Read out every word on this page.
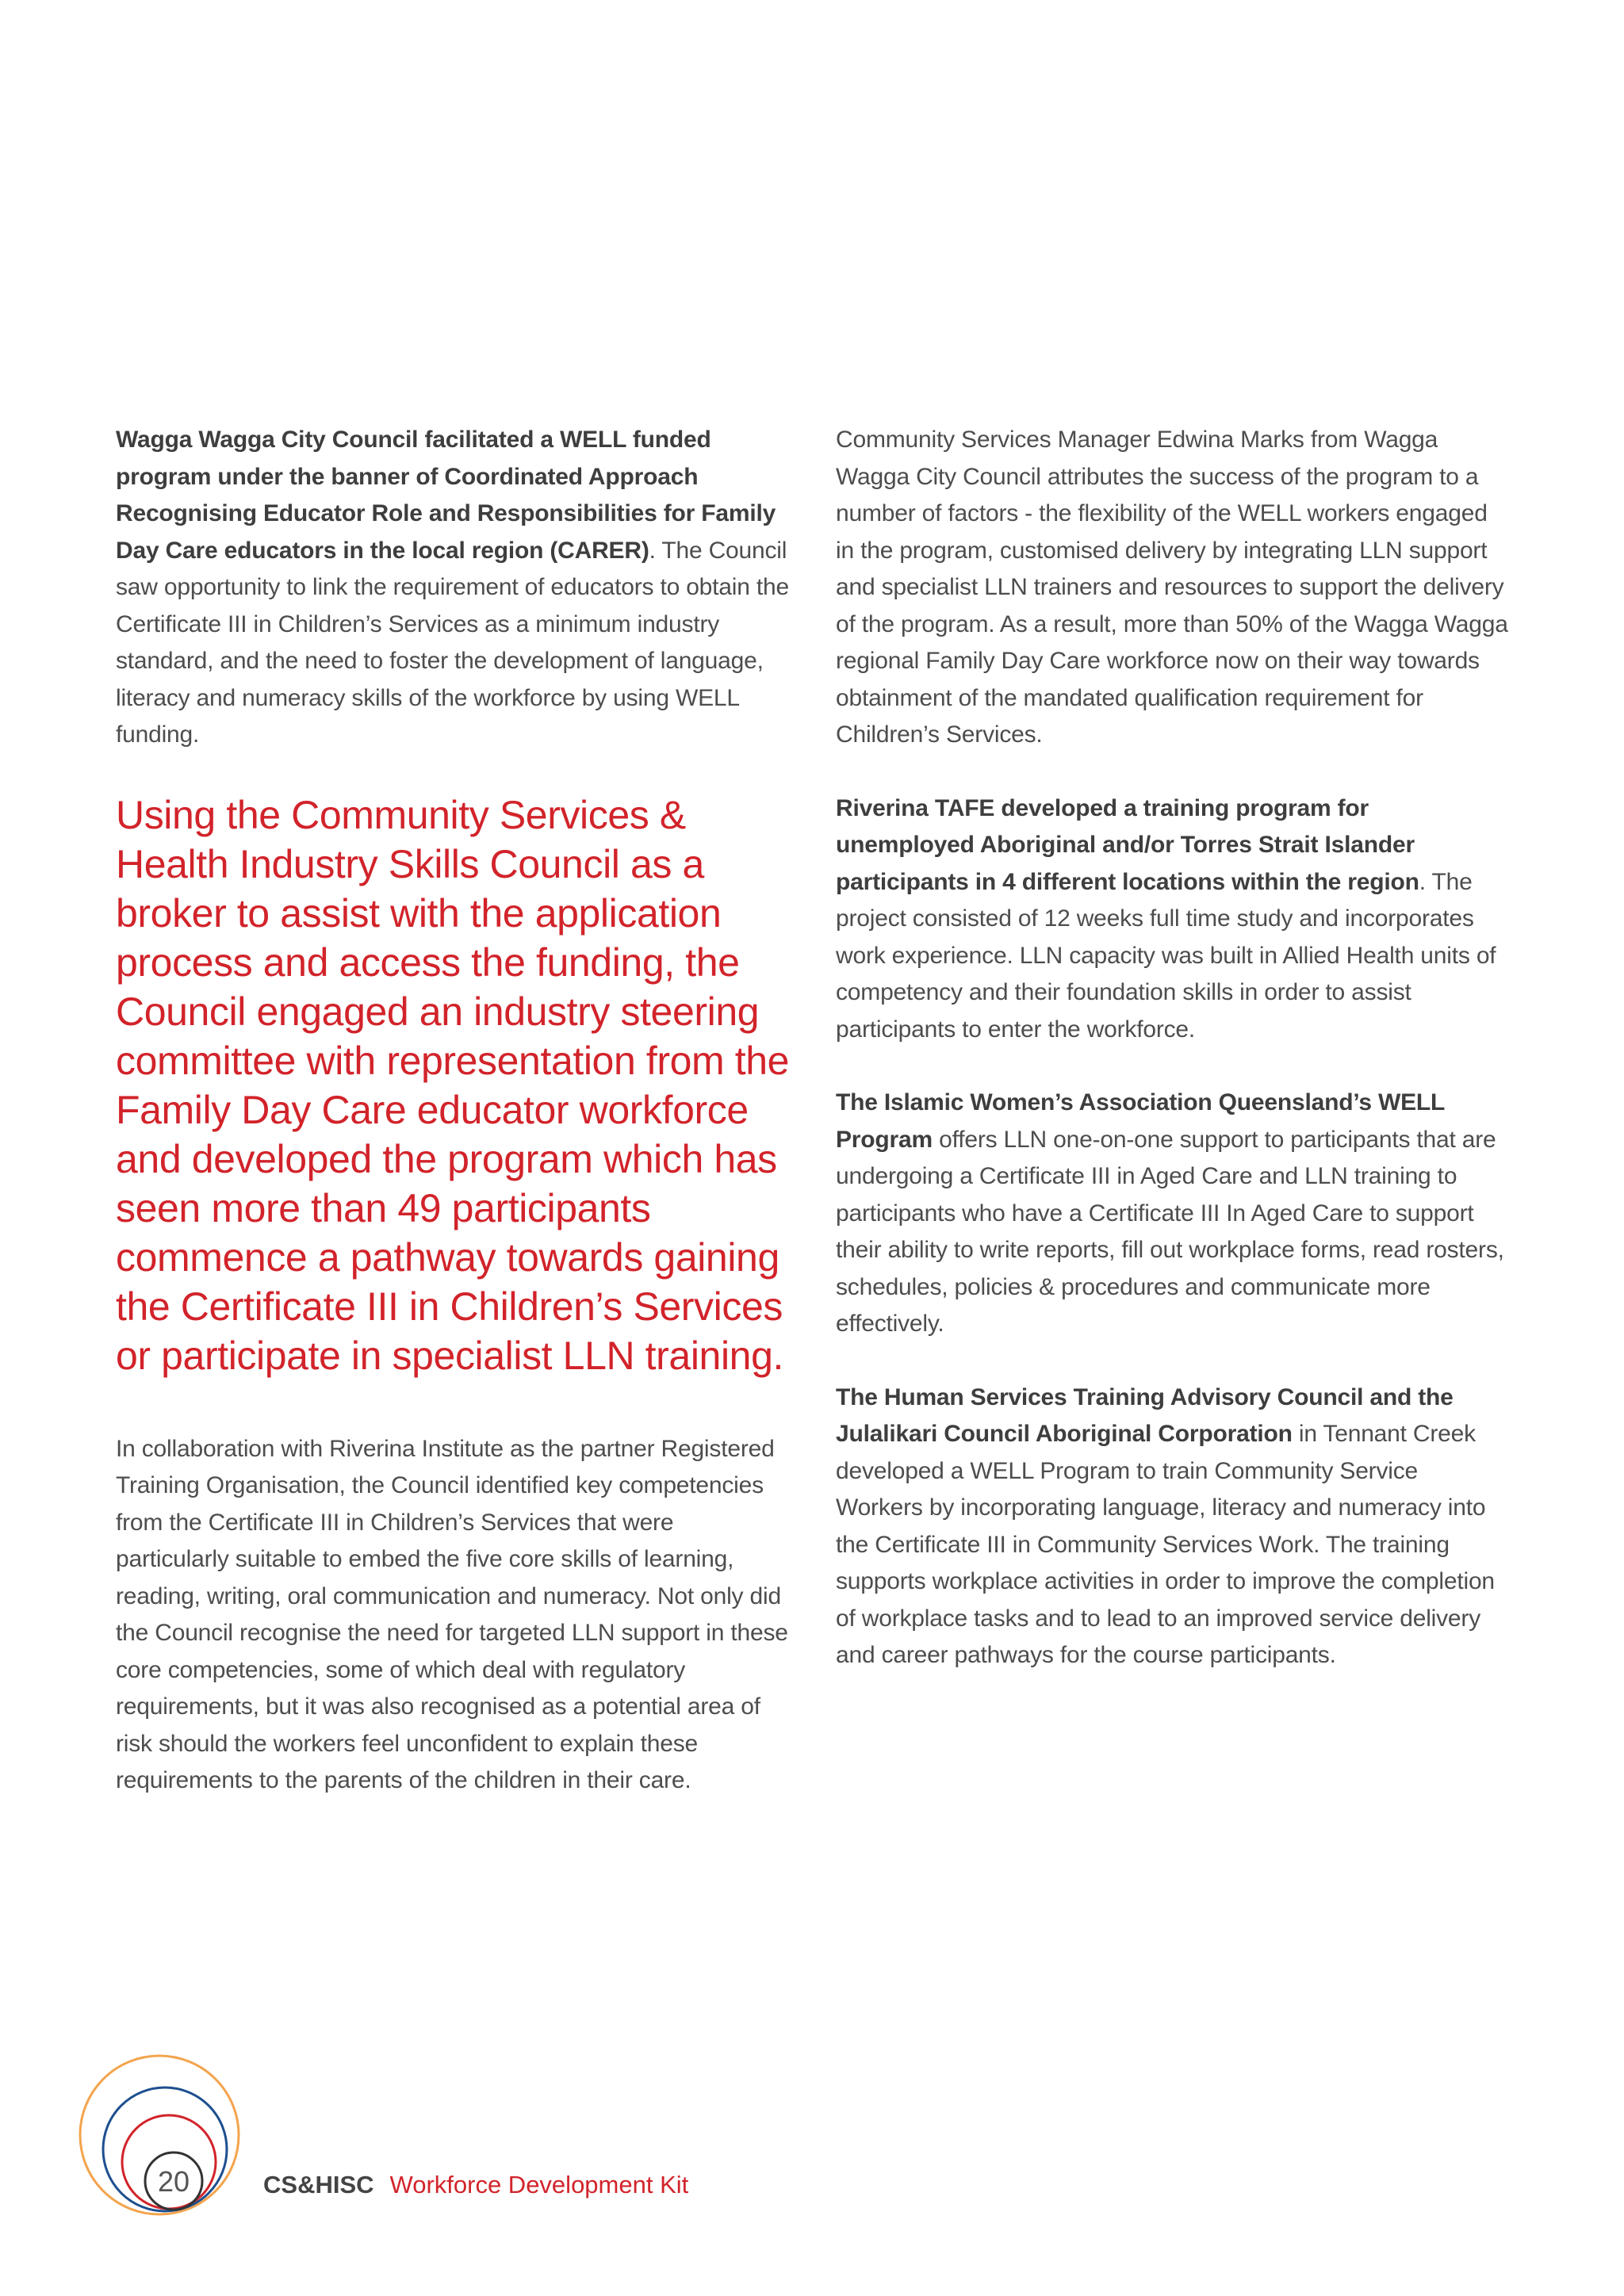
Wagga Wagga City Council facilitated a WELL funded program under the banner of Coordinated Approach Recognising Educator Role and Responsibilities for Family Day Care educators in the local region (CARER). The Council saw opportunity to link the requirement of educators to obtain the Certificate III in Children’s Services as a minimum industry standard, and the need to foster the development of language, literacy and numeracy skills of the workforce by using WELL funding.

Using the Community Services & Health Industry Skills Council as a broker to assist with the application process and access the funding, the Council engaged an industry steering committee with representation from the Family Day Care educator workforce and developed the program which has seen more than 49 participants commence a pathway towards gaining the Certificate III in Children’s Services or participate in specialist LLN training.

In collaboration with Riverina Institute as the partner Registered Training Organisation, the Council identified key competencies from the Certificate III in Children’s Services that were particularly suitable to embed the five core skills of learning, reading, writing, oral communication and numeracy. Not only did the Council recognise the need for targeted LLN support in these core competencies, some of which deal with regulatory requirements, but it was also recognised as a potential area of risk should the workers feel unconfident to explain these requirements to the parents of the children in their care.

Community Services Manager Edwina Marks from Wagga Wagga City Council attributes the success of the program to a number of factors - the flexibility of the WELL workers engaged in the program, customised delivery by integrating LLN support and specialist LLN trainers and resources to support the delivery of the program. As a result, more than 50% of the Wagga Wagga regional Family Day Care workforce now on their way towards obtainment of the mandated qualification requirement for Children’s Services.

Riverina TAFE developed a training program for unemployed Aboriginal and/or Torres Strait Islander participants in 4 different locations within the region. The project consisted of 12 weeks full time study and incorporates work experience. LLN capacity was built in Allied Health units of competency and their foundation skills in order to assist participants to enter the workforce.

The Islamic Women’s Association Queensland’s WELL Program offers LLN one-on-one support to participants that are undergoing a Certificate III in Aged Care and LLN training to participants who have a Certificate III In Aged Care to support their ability to write reports, fill out workplace forms, read rosters, schedules, policies & procedures and communicate more effectively.

The Human Services Training Advisory Council and the Julalikari Council Aboriginal Corporation in Tennant Creek developed a WELL Program to train Community Service Workers by incorporating language, literacy and numeracy into the Certificate III in Community Services Work. The training supports workplace activities in order to improve the completion of workplace tasks and to lead to an improved service delivery and career pathways for the course participants.

20	CS&HISC Workforce Development Kit
